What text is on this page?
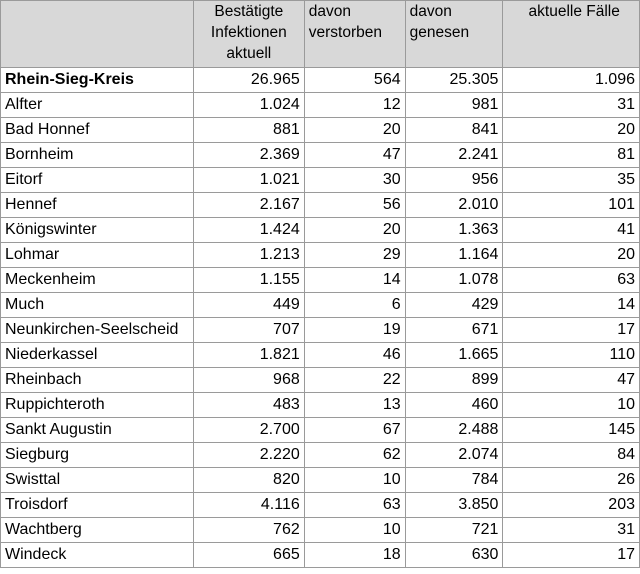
	Bestätigte Infektionen aktuell	davon verstorben	davon genesen	aktuelle Fälle
Rhein-Sieg-Kreis	26.965	564	25.305	1.096
Alfter	1.024	12	981	31
Bad Honnef	881	20	841	20
Bornheim	2.369	47	2.241	81
Eitorf	1.021	30	956	35
Hennef	2.167	56	2.010	101
Königswinter	1.424	20	1.363	41
Lohmar	1.213	29	1.164	20
Meckenheim	1.155	14	1.078	63
Much	449	6	429	14
Neunkirchen-Seelscheid	707	19	671	17
Niederkassel	1.821	46	1.665	110
Rheinbach	968	22	899	47
Ruppichteroth	483	13	460	10
Sankt Augustin	2.700	67	2.488	145
Siegburg	2.220	62	2.074	84
Swisttal	820	10	784	26
Troisdorf	4.116	63	3.850	203
Wachtberg	762	10	721	31
Windeck	665	18	630	17
